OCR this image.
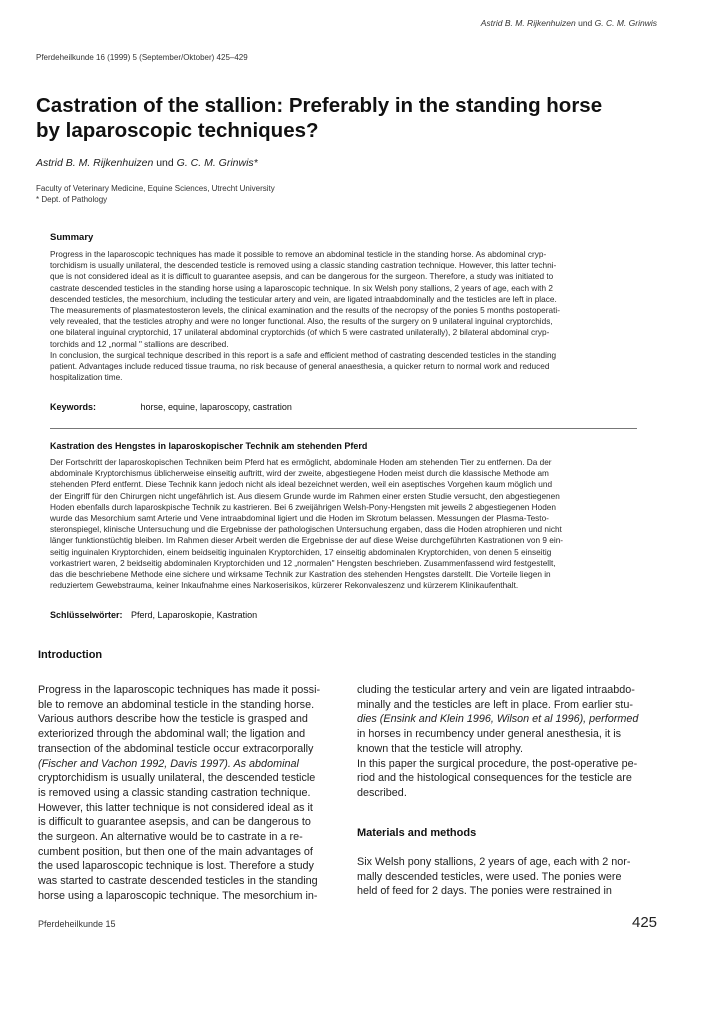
Astrid B. M. Rijkenhuizen und G. C. M. Grinwis
Pferdeheilkunde 16 (1999) 5 (September/Oktober) 425–429
Castration of the stallion: Preferably in the standing horse
by laparoscopic techniques?
Astrid B. M. Rijkenhuizen und G. C. M. Grinwis*
Faculty of Veterinary Medicine, Equine Sciences, Utrecht University
* Dept. of Pathology
Summary

Progress in the laparoscopic techniques has made it possible to remove an abdominal testicle in the standing horse. As abdominal cryp-

torchidism is usually unilateral, the descended testicle is removed using a classic standing castration technique. However, this latter techni-

que is not considered ideal as it is difficult to guarantee asepsis, and can be dangerous for the surgeon. Therefore, a study was initiated to

castrate descended testicles in the standing horse using a laparoscopic technique. In six Welsh pony stallions, 2 years of age, each with 2

descended testicles, the mesorchium, including the testicular artery and vein, are ligated intraabdominally and the testicles are left in place.

The measurements of plasmatestosteron levels, the clinical examination and the results of the necropsy of the ponies 5 months postoperati-

vely revealed, that the testicles atrophy and were no longer functional. Also, the results of the surgery on 9 unilateral inguinal cryptorchids,

one bilateral inguinal cryptorchid, 17 unilateral abdominal cryptorchids (of which 5 were castrated unilaterally), 2 bilateral abdominal cryp-

torchids and 12 „normal " stallions are described.

In conclusion, the surgical technique described in this report is a safe and efficient method of castrating descended testicles in the standing

patient. Advantages include reduced tissue trauma, no risk because of general anaesthesia, a quicker return to normal work and reduced

hospitalization time.

Keywords:	horse, equine, laparoscopy, castration
Kastration des Hengstes in laparoskopischer Technik am stehenden Pferd

Der Fortschritt der laparoskopischen Techniken beim Pferd hat es ermöglicht, abdominale Hoden am stehenden Tier zu entfernen. Da der

abdominale Kryptorchismus üblicherweise einseitig auftritt, wird der zweite, abgestiegene Hoden meist durch die klassische Methode am

stehenden Pferd entfernt. Diese Technik kann jedoch nicht als ideal bezeichnet werden, weil ein aseptisches Vorgehen kaum möglich und

der Eingriff für den Chirurgen nicht ungefährlich ist. Aus diesem Grunde wurde im Rahmen einer ersten Studie versucht, den abgestiegenen

Hoden ebenfalls durch laparoskpische Technik zu kastrieren. Bei 6 zweijährigen Welsh-Pony-Hengsten mit jeweils 2 abgestiegenen Hoden

wurde das Mesorchium samt Arterie und Vene intraabdominal ligiert und die Hoden im Skrotum belassen. Messungen der Plasma-Testo-

steronspiegel, klinische Untersuchung und die Ergebnisse der pathologischen Untersuchung ergaben, dass die Hoden atrophieren und nicht

länger funktionstüchtig bleiben. Im Rahmen dieser Arbeit werden die Ergebnisse der auf diese Weise durchgeführten Kastrationen von 9 ein-

seitig inguinalen Kryptorchiden, einem beidseitig inguinalen Kryptorchiden, 17 einseitig abdominalen Kryptorchiden, von denen 5 einseitig

vorkastriert waren, 2 beidseitig abdominalen Kryptorchiden und 12 „normalen" Hengsten beschrieben. Zusammenfassend wird festgestellt,

das die beschriebene Methode eine sichere und wirksame Technik zur Kastration des stehenden Hengstes darstellt. Die Vorteile liegen in

reduziertem Gewebstrauma, keiner Inkaufnahme eines Narkoserisikos, kürzerer Rekonvaleszenz und kürzerem Klinikaufenthalt.

Schlüsselwörter: Pferd, Laparoskopie, Kastration
Introduction

Progress in the laparoscopic techniques has made it possi-

ble to remove an abdominal testicle in the standing horse.

Various authors describe how the testicle is grasped and

exteriorized through the abdominal wall; the ligation and

transection of the abdominal testicle occur extracorporally

(Fischer and Vachon 1992, Davis 1997). As abdominal

cryptorchidism is usually unilateral, the descended testicle

is removed using a classic standing castration technique.

However, this latter technique is not considered ideal as it

is difficult to guarantee asepsis, and can be dangerous to

the surgeon. An alternative would be to castrate in a re-

cumbent position, but then one of the main advantages of

the used laparoscopic technique is lost. Therefore a study

was started to castrate descended testicles in the standing

horse using a laparoscopic technique. The mesorchium in-

cluding the testicular artery and vein are ligated intraabdo-

minally and the testicles are left in place. From earlier stu-

dies (Ensink and Klein 1996, Wilson et al 1996), performed

in horses in recumbency under general anesthesia, it is

known that the testicle will atrophy.

In this paper the surgical procedure, the post-operative pe-

riod and the histological consequences for the testicle are

described.

Materials and methods

Six Welsh pony stallions, 2 years of age, each with 2 nor-

mally descended testicles, were used. The ponies were

held of feed for 2 days. The ponies were restrained in

Pferdeheilkunde 15	425
